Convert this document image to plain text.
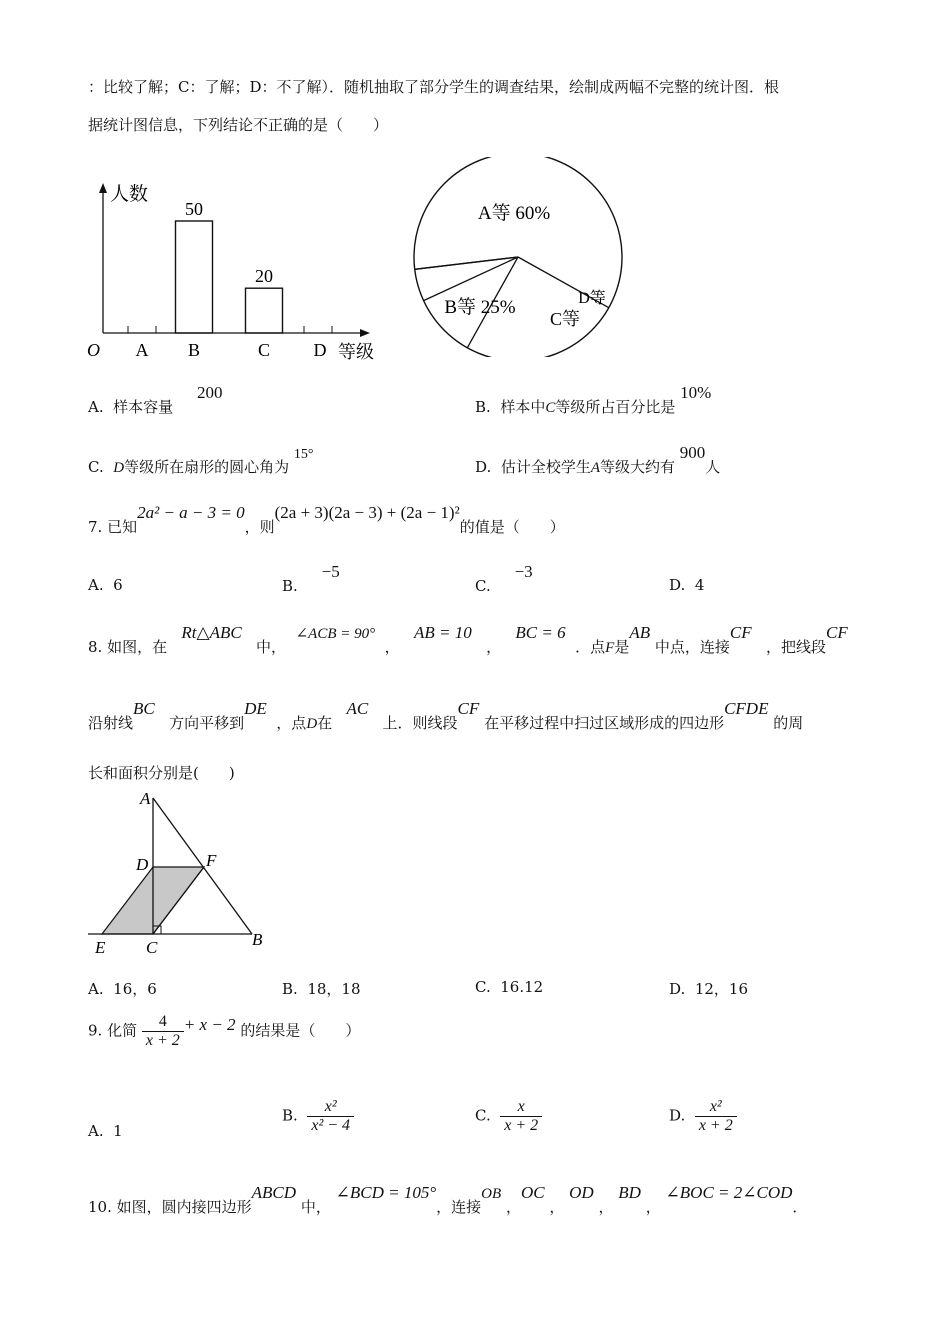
：比较了解；C：了解；D：不了解）．随机抽取了部分学生的调查结果，绘制成两幅不完整的统计图．根
据统计图信息，下列结论不正确的是（　　）
A
50
B
20
C D
人数
O	等级
A等 60%
B等 25%
C等
D等
A. 样本容量     200
B. 样本中C等级所占百分比是 10%
C. D等级所在扇形的圆心角为 15°
D. 估计全校学生A等级大约有 900人
7. 已知2a² − a − 3 = 0，则(2a + 3)(2a − 3) + (2a − 1)²的值是（　　）
A. 6	B.     −5
C.     −3
D. 4
8. 如图，在   Rt△ABC   中，  ∠ACB = 90°  ，   AB = 10   ，   BC = 6  ．点F是AB 中点，连接CF   ，把线段CF
沿射线BC   方向平移到DE  ，点D在   AC   上．则线段CF 在平移过程中扫过区域形成的四边形CFDE 的周
长和面积分别是(　　)
A
D	F
E C	B
A. 16，6	B. 18，18	C. 16.12	D. 12，16
9. 化简 $\frac{4}{x + 2} + x - 2$ 的结果是（　　）
A. 1
B. $\frac{\text{x²}}{\text{x² − 4}}$	C. $\frac{x}{x + 2}$	D. $\frac{\text{x²}}{x + 2}$
10. 如图，圆内接四边形ABCD 中， ∠BCD = 105°，连接OB ，OC ， OD ， BD ， ∠BOC = 2∠COD．
